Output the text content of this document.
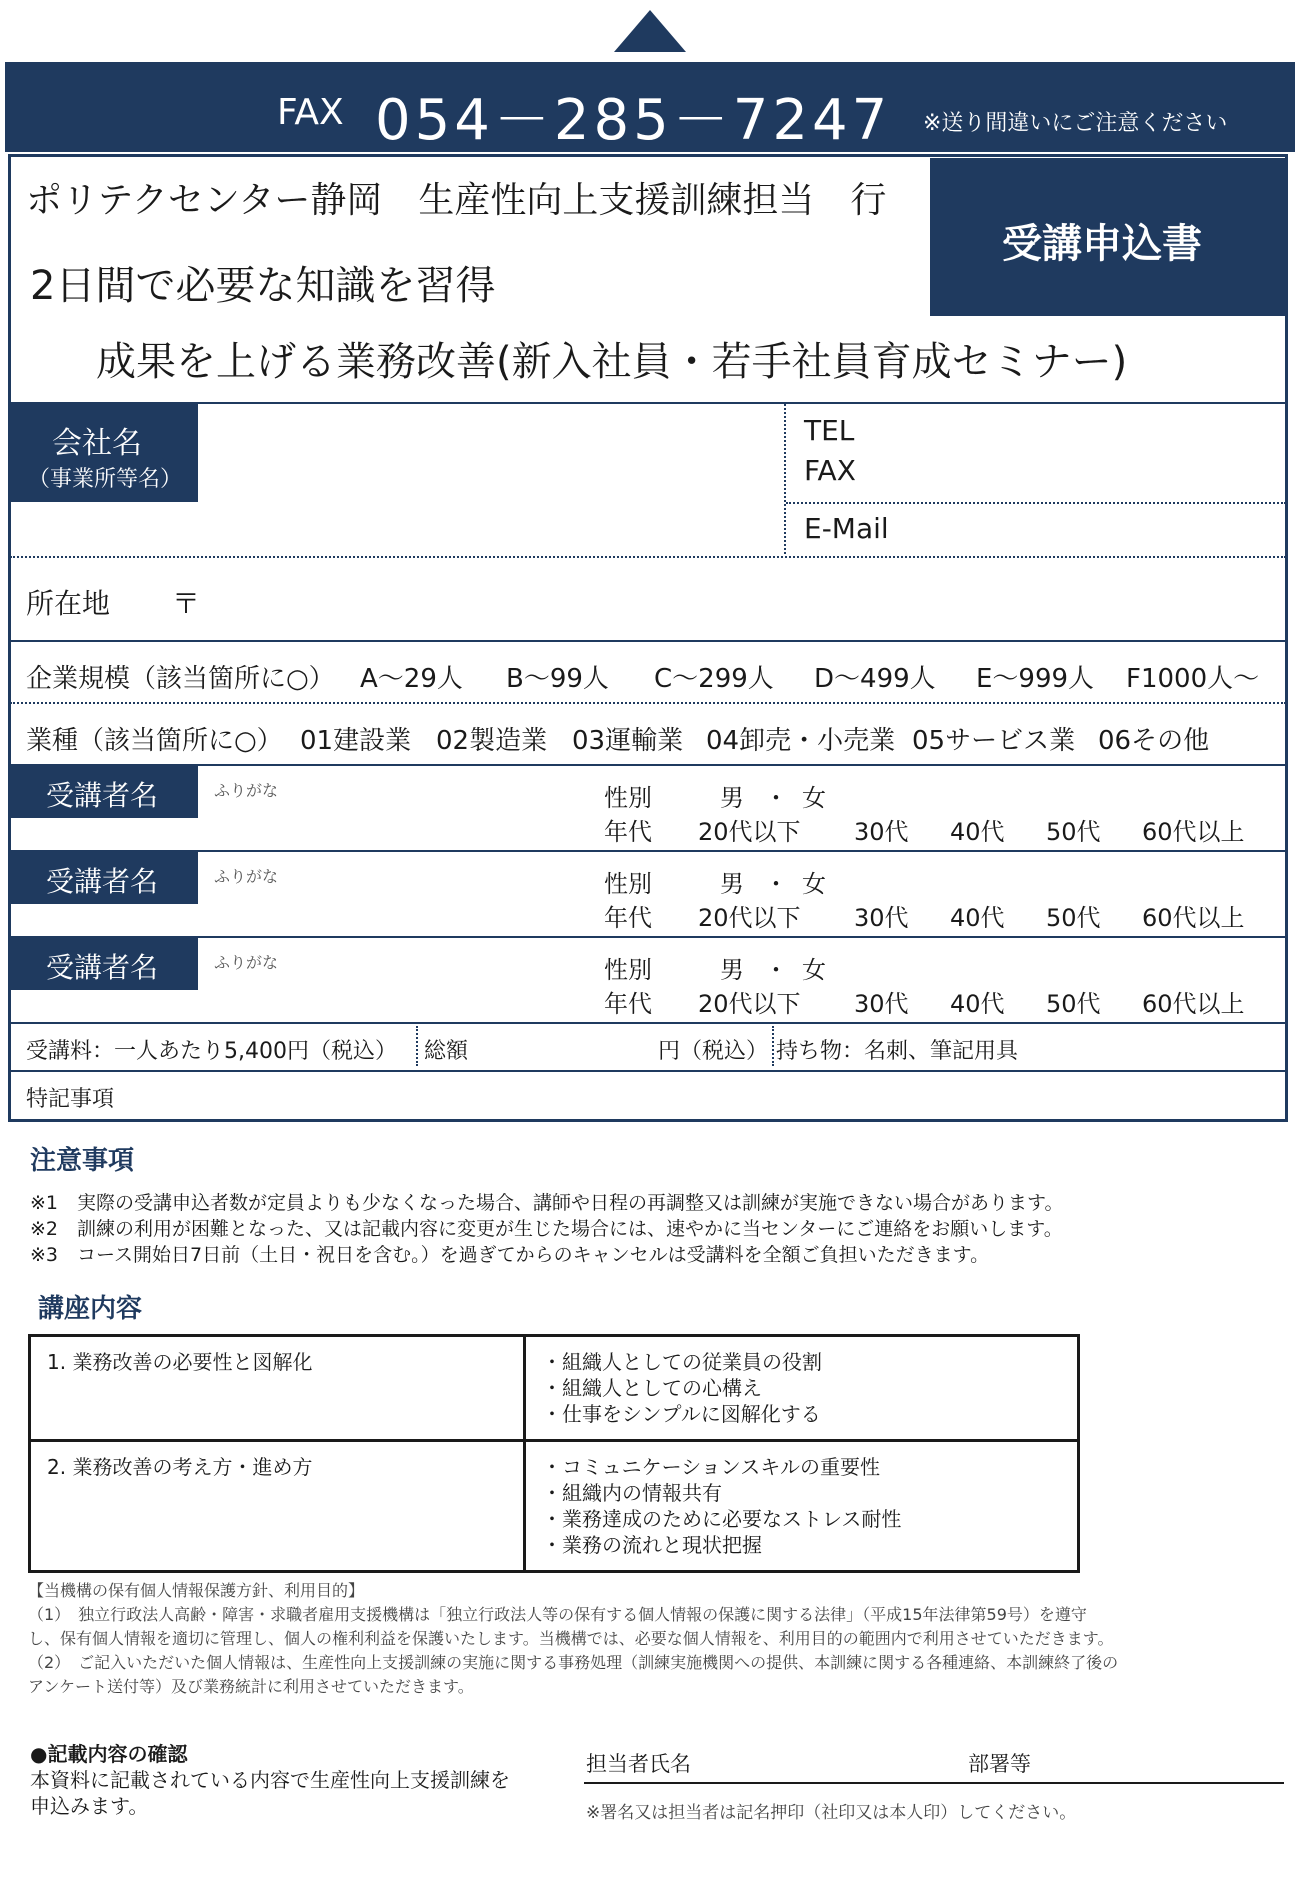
FAX 054－285－7247 ※送り間違いにご注意ください
ポリテクセンター静岡　生産性向上支援訓練担当　行
2日間で必要な知識を習得
成果を上げる業務改善(新入社員・若手社員育成セミナー)
受講申込書
会社名
（事業所等名）
TEL
FAX
E-Mail
所在地 〒
企業規模（該当箇所に○） A～29人 B～99人 C～299人 D～499人 E～999人 F1000人～
業種（該当箇所に○） 01建設業 02製造業 03運輸業 04卸売・小売業 05サービス業 06その他
受講者名	ふりがな	性別	男 ・ 女
年代 20代以下 30代 40代 50代 60代以上
受講者名	ふりがな	性別	男 ・ 女
年代 20代以下 30代 40代 50代 60代以上
受講者名	ふりがな	性別	男 ・ 女
年代 20代以下 30代 40代 50代 60代以上
受講料：一人あたり5,400円（税込） 総額	円（税込） 持ち物：名刺、筆記用具
特記事項
注意事項
※1　実際の受講申込者数が定員よりも少なくなった場合、講師や日程の再調整又は訓練が実施できない場合があります。
※2　訓練の利用が困難となった、又は記載内容に変更が生じた場合には、速やかに当センターにご連絡をお願いします。
※3　コース開始日7日前（土日・祝日を含む。）を過ぎてからのキャンセルは受講料を全額ご負担いただきます。
講座内容
1. 業務改善の必要性と図解化	・組織人としての従業員の役割
・組織人としての心構え
・仕事をシンプルに図解化する

2. 業務改善の考え方・進め方	・コミュニケーションスキルの重要性
・組織内の情報共有
・業務達成のために必要なストレス耐性
・業務の流れと現状把握
【当機構の保有個人情報保護方針、利用目的】
（1）　独立行政法人高齢・障害・求職者雇用支援機構は「独立行政法人等の保有する個人情報の保護に関する法律」（平成15年法律第59号）を遵守
し、保有個人情報を適切に管理し、個人の権利利益を保護いたします。当機構では、必要な個人情報を、利用目的の範囲内で利用させていただきます。
（2）　ご記入いただいた個人情報は、生産性向上支援訓練の実施に関する事務処理（訓練実施機関への提供、本訓練に関する各種連絡、本訓練終了後の
アンケート送付等）及び業務統計に利用させていただきます。
●記載内容の確認
本資料に記載されている内容で生産性向上支援訓練を
申込みます。
担当者氏名	部署等
※署名又は担当者は記名押印（社印又は本人印）してください。
